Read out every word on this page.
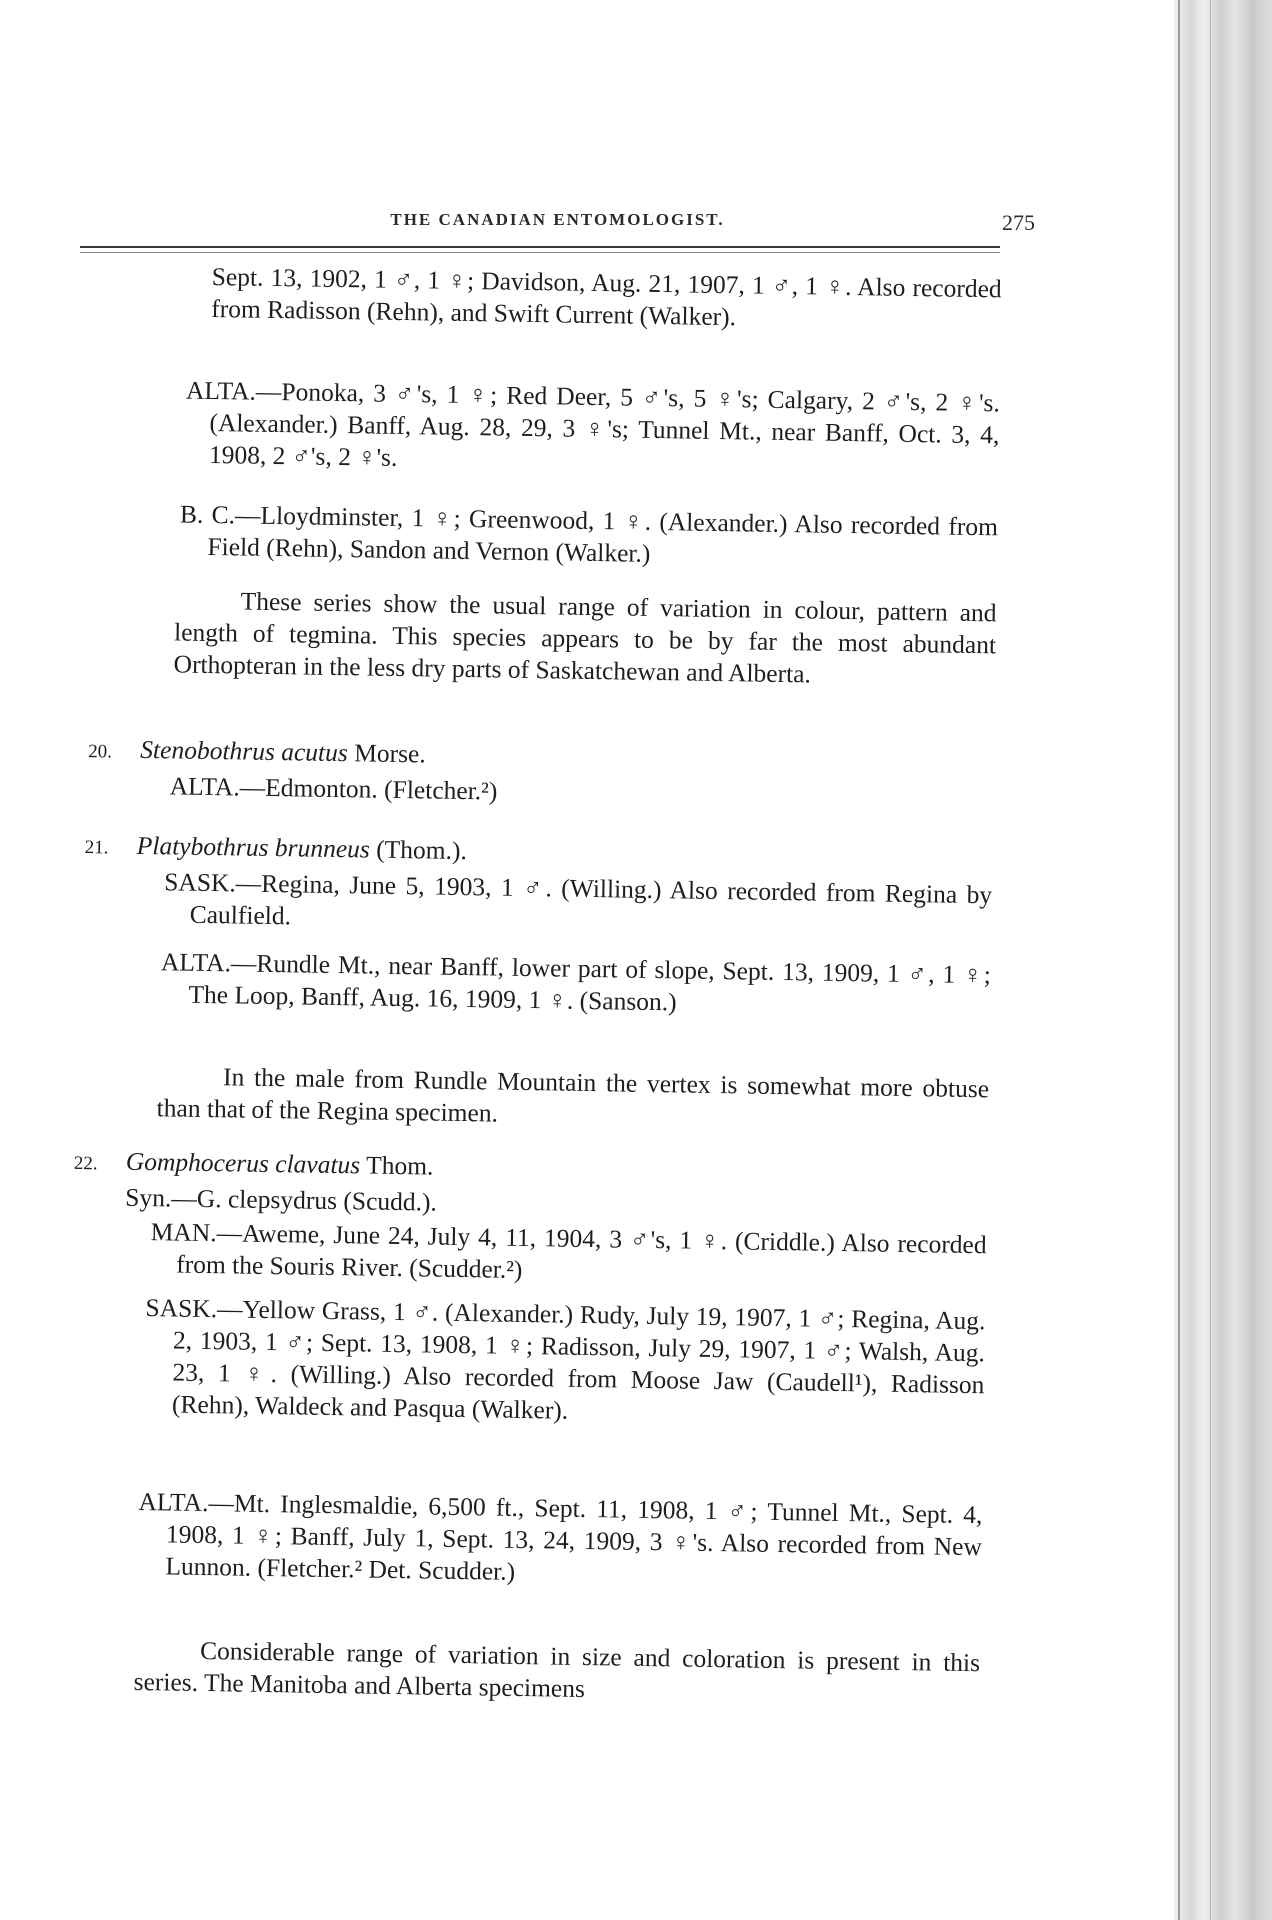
THE CANADIAN ENTOMOLOGIST.	275
Sept. 13, 1902, 1 ♂, 1 ♀; Davidson, Aug. 21, 1907, 1 ♂, 1 ♀. Also recorded from Radisson (Rehn), and Swift Current (Walker).
ALTA.—Ponoka, 3 ♂'s, 1 ♀; Red Deer, 5 ♂'s, 5 ♀'s; Calgary, 2 ♂'s, 2 ♀'s. (Alexander.) Banff, Aug. 28, 29, 3 ♀'s; Tunnel Mt., near Banff, Oct. 3, 4, 1908, 2 ♂'s, 2 ♀'s.
B. C.—Lloydminster, 1 ♀; Greenwood, 1 ♀. (Alexander.) Also recorded from Field (Rehn), Sandon and Vernon (Walker.)
These series show the usual range of variation in colour, pattern and length of tegmina. This species appears to be by far the most abundant Orthopteran in the less dry parts of Saskatchewan and Alberta.
20. Stenobothrus acutus Morse.
ALTA.—Edmonton. (Fletcher.²)
21. Platybothrus brunneus (Thom.).
SASK.—Regina, June 5, 1903, 1 ♂. (Willing.) Also recorded from Regina by Caulfield.
ALTA.—Rundle Mt., near Banff, lower part of slope, Sept. 13, 1909, 1 ♂, 1 ♀; The Loop, Banff, Aug. 16, 1909, 1 ♀. (Sanson.)
In the male from Rundle Mountain the vertex is somewhat more obtuse than that of the Regina specimen.
22. Gomphocerus clavatus Thom.
Syn.—G. clepsydrus (Scudd.).
MAN.—Aweme, June 24, July 4, 11, 1904, 3 ♂'s, 1 ♀. (Criddle.) Also recorded from the Souris River. (Scudder.²)
SASK.—Yellow Grass, 1 ♂. (Alexander.) Rudy, July 19, 1907, 1 ♂; Regina, Aug. 2, 1903, 1 ♂; Sept. 13, 1908, 1 ♀; Radisson, July 29, 1907, 1 ♂; Walsh, Aug. 23, 1 ♀. (Willing.) Also recorded from Moose Jaw (Caudell¹), Radisson (Rehn), Waldeck and Pasqua (Walker).
ALTA.—Mt. Inglesmaldie, 6,500 ft., Sept. 11, 1908, 1 ♂; Tunnel Mt., Sept. 4, 1908, 1 ♀; Banff, July 1, Sept. 13, 24, 1909, 3 ♀'s. Also recorded from New Lunnon. (Fletcher.² Det. Scudder.)
Considerable range of variation in size and coloration is present in this series. The Manitoba and Alberta specimens
